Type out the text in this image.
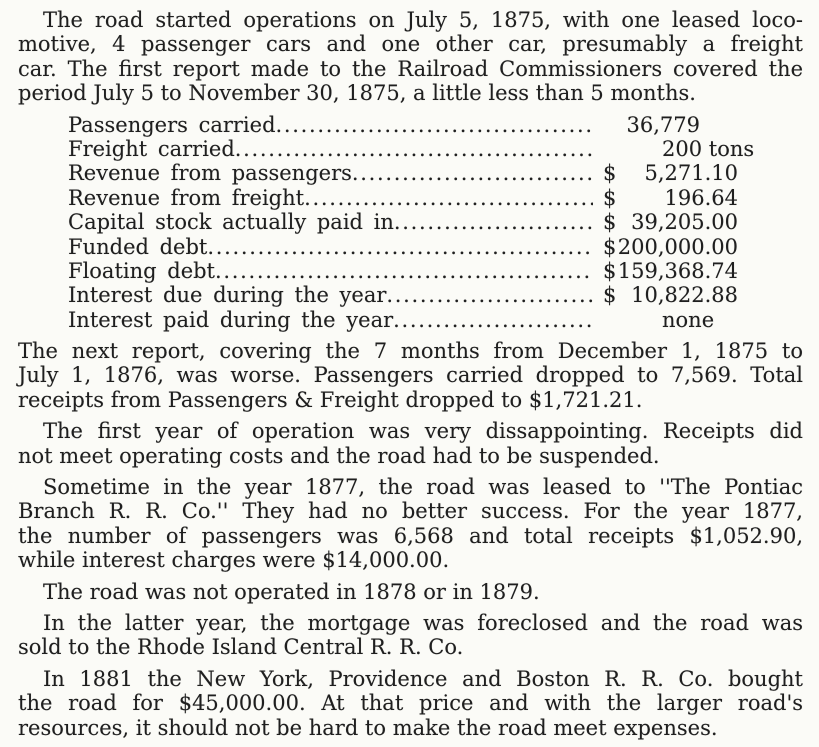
The road started operations on July 5, 1875, with one leased loco-
motive, 4 passenger cars and one other car, presumably a freight
car. The first report made to the Railroad Commissioners covered the
period July 5 to November 30, 1875, a little less than 5 months.
Passengers carried .....	36,779
Freight carried .....	200 tons
Revenue from passengers .....	$	5,271.10
Revenue from freight .....	$	196.64
Capital stock actually paid in .....	$ 39,205.00
Funded debt .....	$ 200,000.00
Floating debt .....	$ 159,368.74
Interest due during the year .....	$ 10,822.88
Interest paid during the year .....	none
The next report, covering the 7 months from December 1, 1875 to
July 1, 1876, was worse. Passengers carried dropped to 7,569. Total
receipts from Passengers & Freight dropped to $1,721.21.
The first year of operation was very dissappointing. Receipts did
not meet operating costs and the road had to be suspended.
Sometime in the year 1877, the road was leased to ''The Pontiac
Branch R. R. Co.'' They had no better success. For the year 1877,
the number of passengers was 6,568 and total receipts $1,052.90,
while interest charges were $14,000.00.
The road was not operated in 1878 or in 1879.
In the latter year, the mortgage was foreclosed and the road was
sold to the Rhode Island Central R. R. Co.
In 1881 the New York, Providence and Boston R. R. Co. bought
the road for $45,000.00. At that price and with the larger road's
resources, it should not be hard to make the road meet expenses.
